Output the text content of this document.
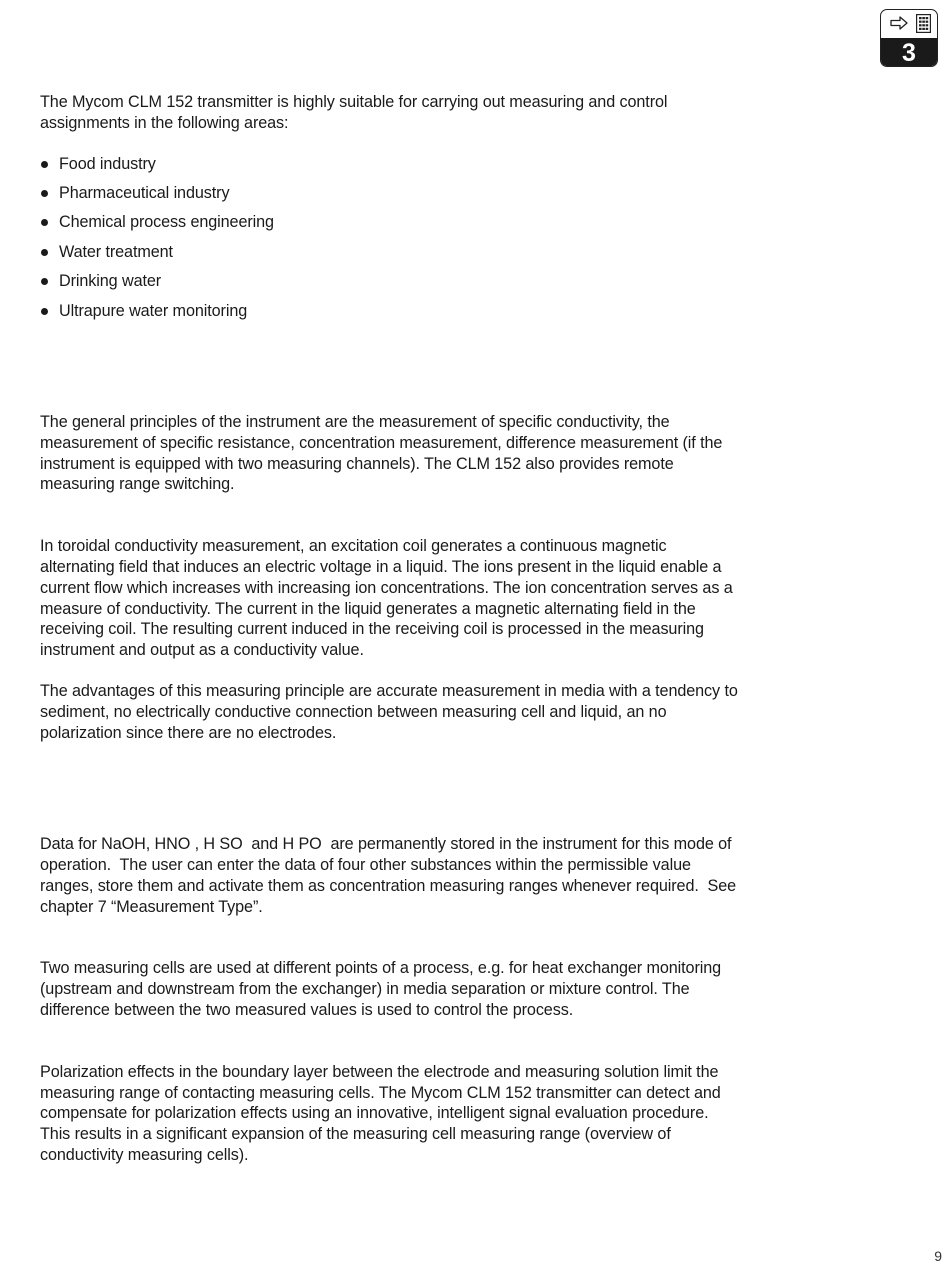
3

The Mycom CLM 152 transmitter is highly suitable for carrying out measuring and control assignments in the following areas:

Food industry
Pharmaceutical industry
Chemical process engineering
Water treatment
Drinking water
Ultrapure water monitoring

The general principles of the instrument are the measurement of specific conductivity, the measurement of specific resistance, concentration measurement, difference measurement (if the instrument is equipped with two measuring channels). The CLM 152 also provides remote measuring range switching.

In toroidal conductivity measurement, an excitation coil generates a continuous magnetic alternating field that induces an electric voltage in a liquid. The ions present in the liquid enable a current flow which increases with increasing ion concentrations. The ion concentration serves as a measure of conductivity. The current in the liquid generates a magnetic alternating field in the receiving coil. The resulting current induced in the receiving coil is processed in the measuring instrument and output as a conductivity value.

The advantages of this measuring principle are accurate measurement in media with a tendency to sediment, no electrically conductive connection between measuring cell and liquid, an no polarization since there are no electrodes.

Data for NaOH, HNO , H SO  and H PO  are permanently stored in the instrument for this mode of operation.  The user can enter the data of four other substances within the permissible value ranges, store them and activate them as concentration measuring ranges whenever required.  See chapter 7 “Measurement Type”.

Two measuring cells are used at different points of a process, e.g. for heat exchanger monitoring (upstream and downstream from the exchanger) in media separation or mixture control. The difference between the two measured values is used to control the process.

Polarization effects in the boundary layer between the electrode and measuring solution limit the measuring range of contacting measuring cells. The Mycom CLM 152 transmitter can detect and compensate for polarization effects using an innovative, intelligent signal evaluation procedure. This results in a significant expansion of the measuring cell measuring range (overview of conductivity measuring cells).

9
